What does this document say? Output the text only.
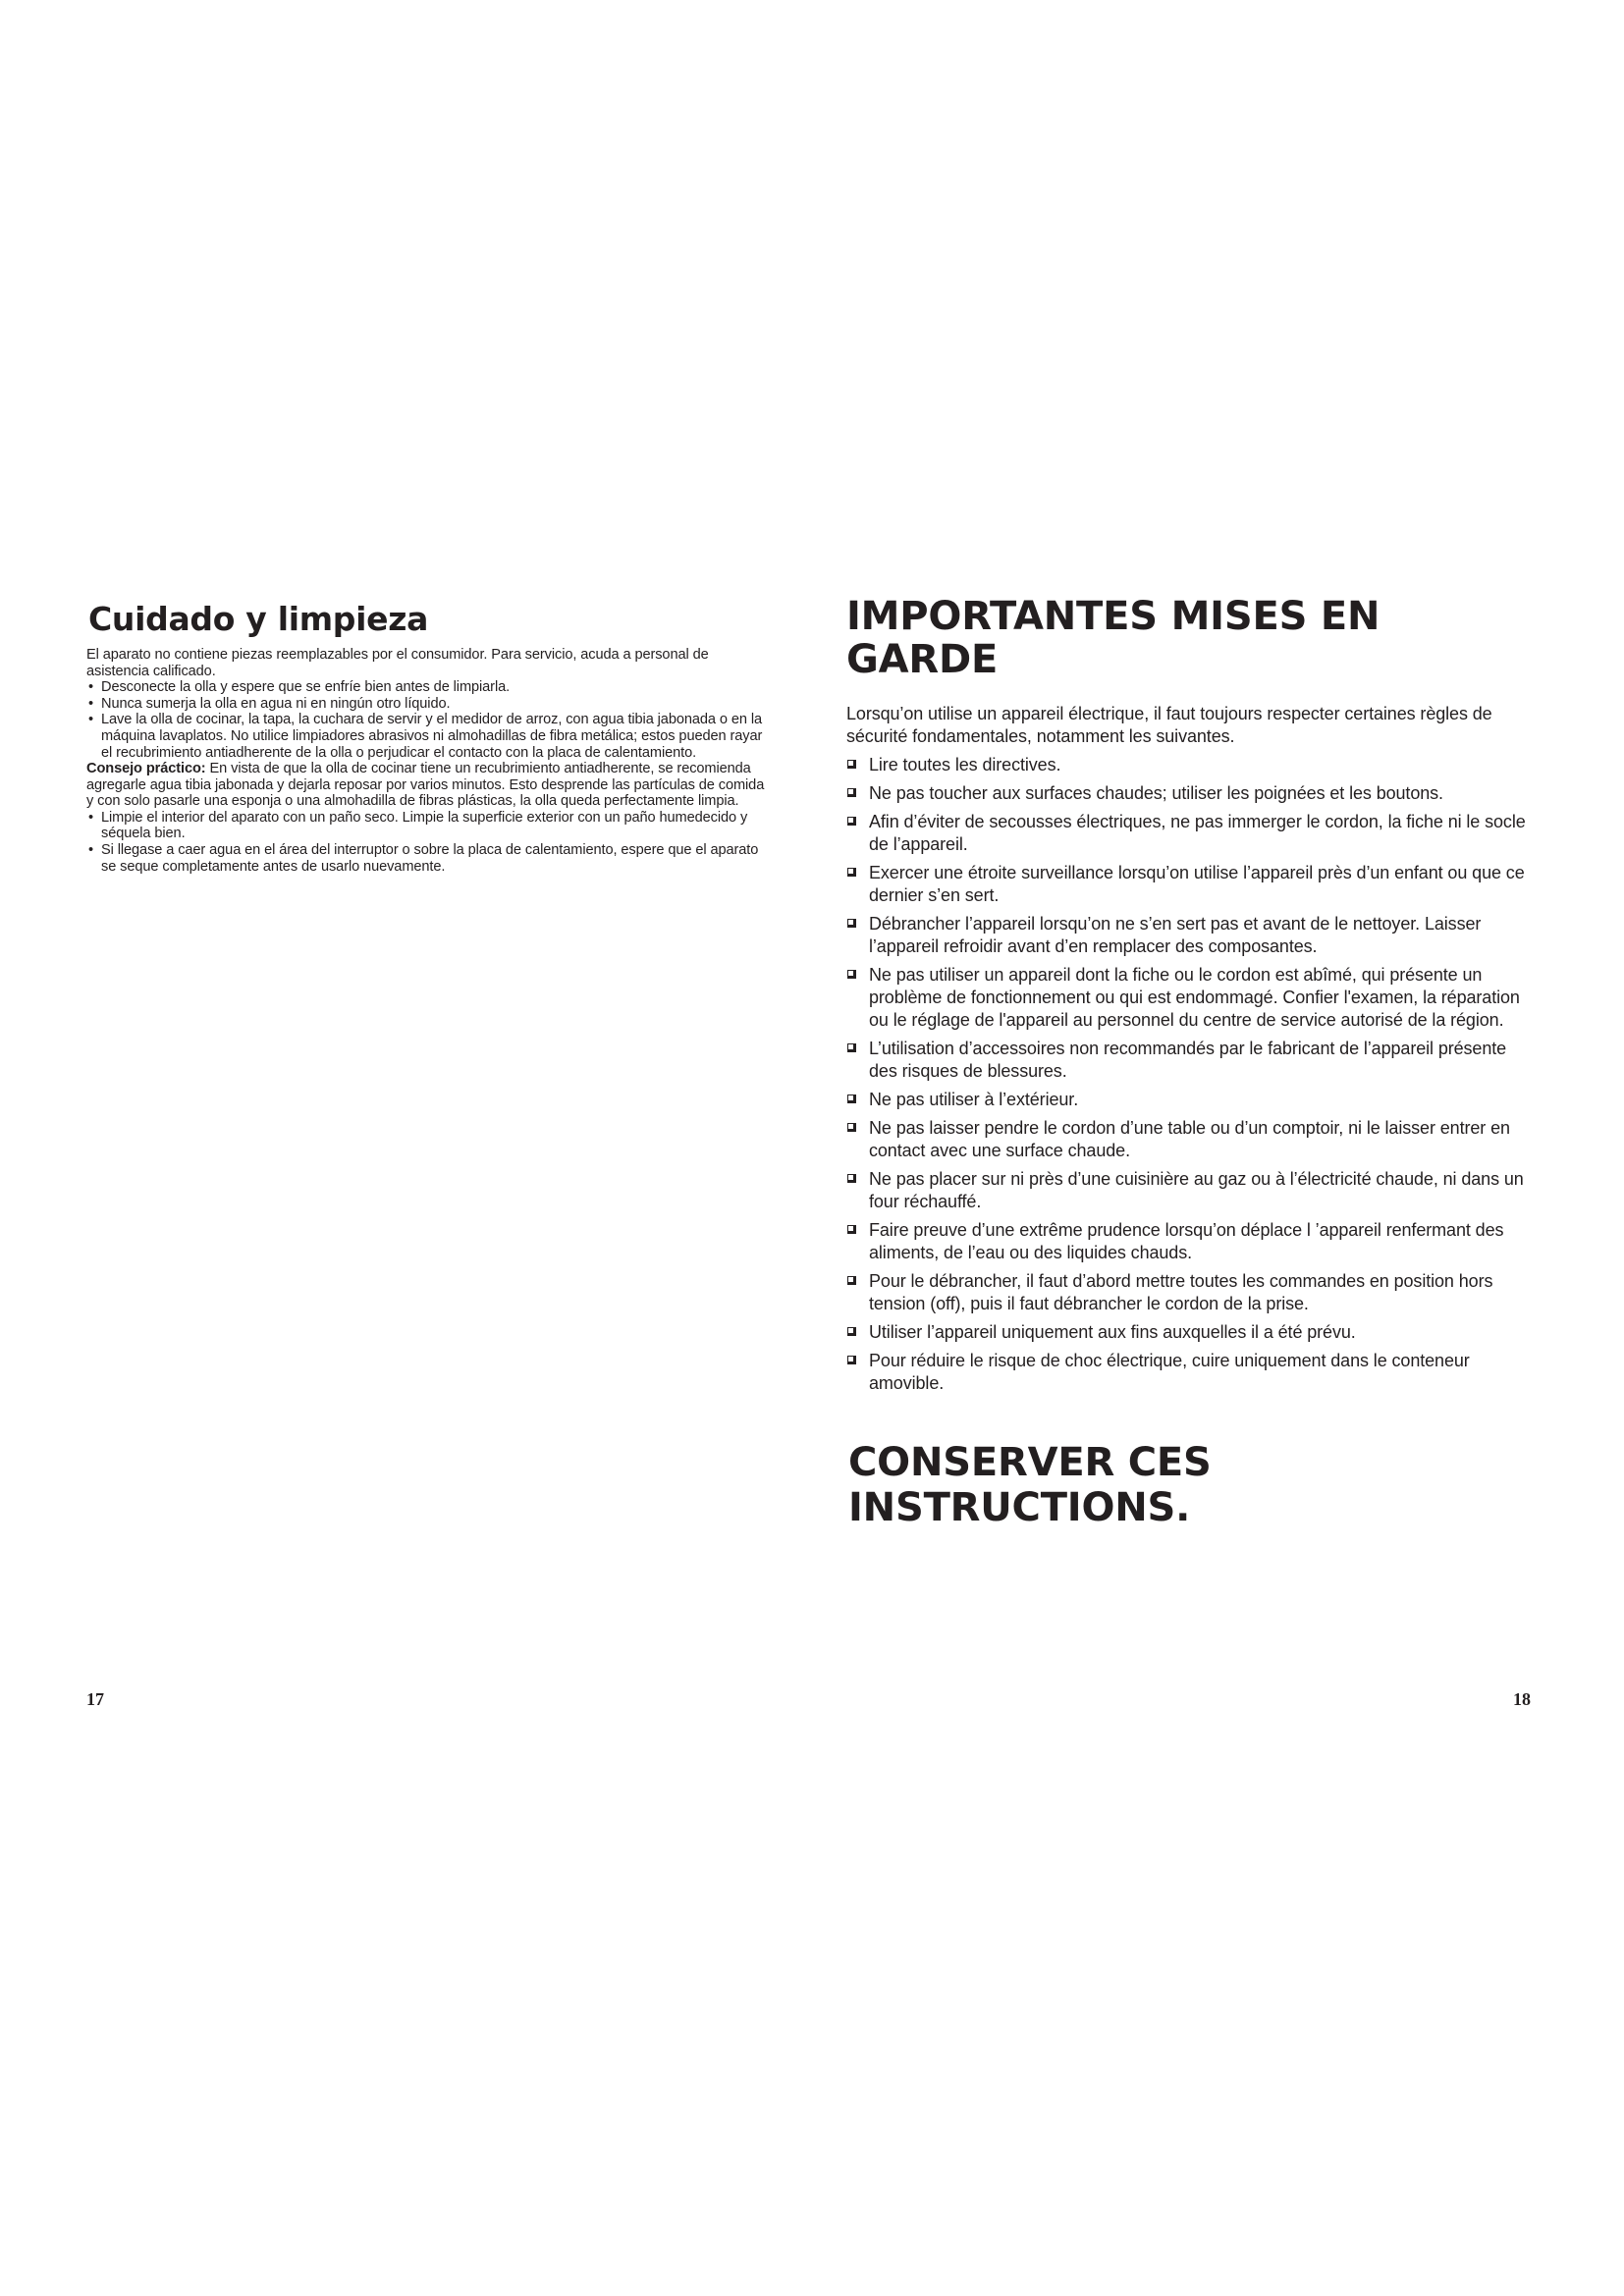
Cuidado y limpieza

El aparato no contiene piezas reemplazables por el consumidor. Para servicio, acuda a personal de asistencia calificado.

• Desconecte la olla y espere que se enfríe bien antes de limpiarla.
• Nunca sumerja la olla en agua ni en ningún otro líquido.
• Lave la olla de cocinar, la tapa, la cuchara de servir y el medidor de arroz, con agua tibia jabonada o en la máquina lavaplatos. No utilice limpiadores abrasivos ni almohadillas de fibra metálica; estos pueden rayar el recubrimiento antiadherente de la olla o perjudicar el contacto con la placa de calentamiento.

Consejo práctico: En vista de que la olla de cocinar tiene un recubrimiento antiadherente, se recomienda agregarle agua tibia jabonada y dejarla reposar por varios minutos. Esto desprende las partículas de comida y con solo pasarle una esponja o una almohadilla de fibras plásticas, la olla queda perfectamente limpia.

• Limpie el interior del aparato con un paño seco. Limpie la superficie exterior con un paño humedecido y séquela bien.
• Si llegase a caer agua en el área del interruptor o sobre la placa de calentamiento, espere que el aparato se seque completamente antes de usarlo nuevamente.
IMPORTANTES MISES EN GARDE

Lorsqu’on utilise un appareil électrique, il faut toujours respecter certaines règles de sécurité fondamentales, notamment les suivantes.

Lire toutes les directives.
Ne pas toucher aux surfaces chaudes; utiliser les poignées et les boutons.
Afin d’éviter de secousses électriques, ne pas immerger le cordon, la fiche ni le socle de l’appareil.
Exercer une étroite surveillance lorsqu’on utilise l’appareil près d’un enfant ou que ce dernier s’en sert.
Débrancher l’appareil lorsqu’on ne s’en sert pas et avant de le nettoyer. Laisser l’appareil refroidir avant d’en remplacer des composantes.
Ne pas utiliser un appareil dont la fiche ou le cordon est abîmé, qui présente un problème de fonctionnement ou qui est endommagé. Confier l'examen, la réparation ou le réglage de l'appareil au personnel du centre de service autorisé de la région.
L’utilisation d’accessoires non recommandés par le fabricant de l’appareil présente des risques de blessures.
Ne pas utiliser à l’extérieur.
Ne pas laisser pendre le cordon d’une table ou d’un comptoir, ni le laisser entrer en contact avec une surface chaude.
Ne pas placer sur ni près d’une cuisinière au gaz ou à l’électricité chaude, ni dans un four réchauffé.
Faire preuve d’une extrême prudence lorsqu’on déplace l ’appareil renfermant des aliments, de l’eau ou des liquides chauds.
Pour le débrancher, il faut d’abord mettre toutes les commandes en position hors tension (off), puis il faut débrancher le cordon de la prise.
Utiliser l’appareil uniquement aux fins auxquelles il a été prévu.
Pour réduire le risque de choc électrique, cuire uniquement dans le conteneur amovible.
CONSERVER CES INSTRUCTIONS.
17	18
